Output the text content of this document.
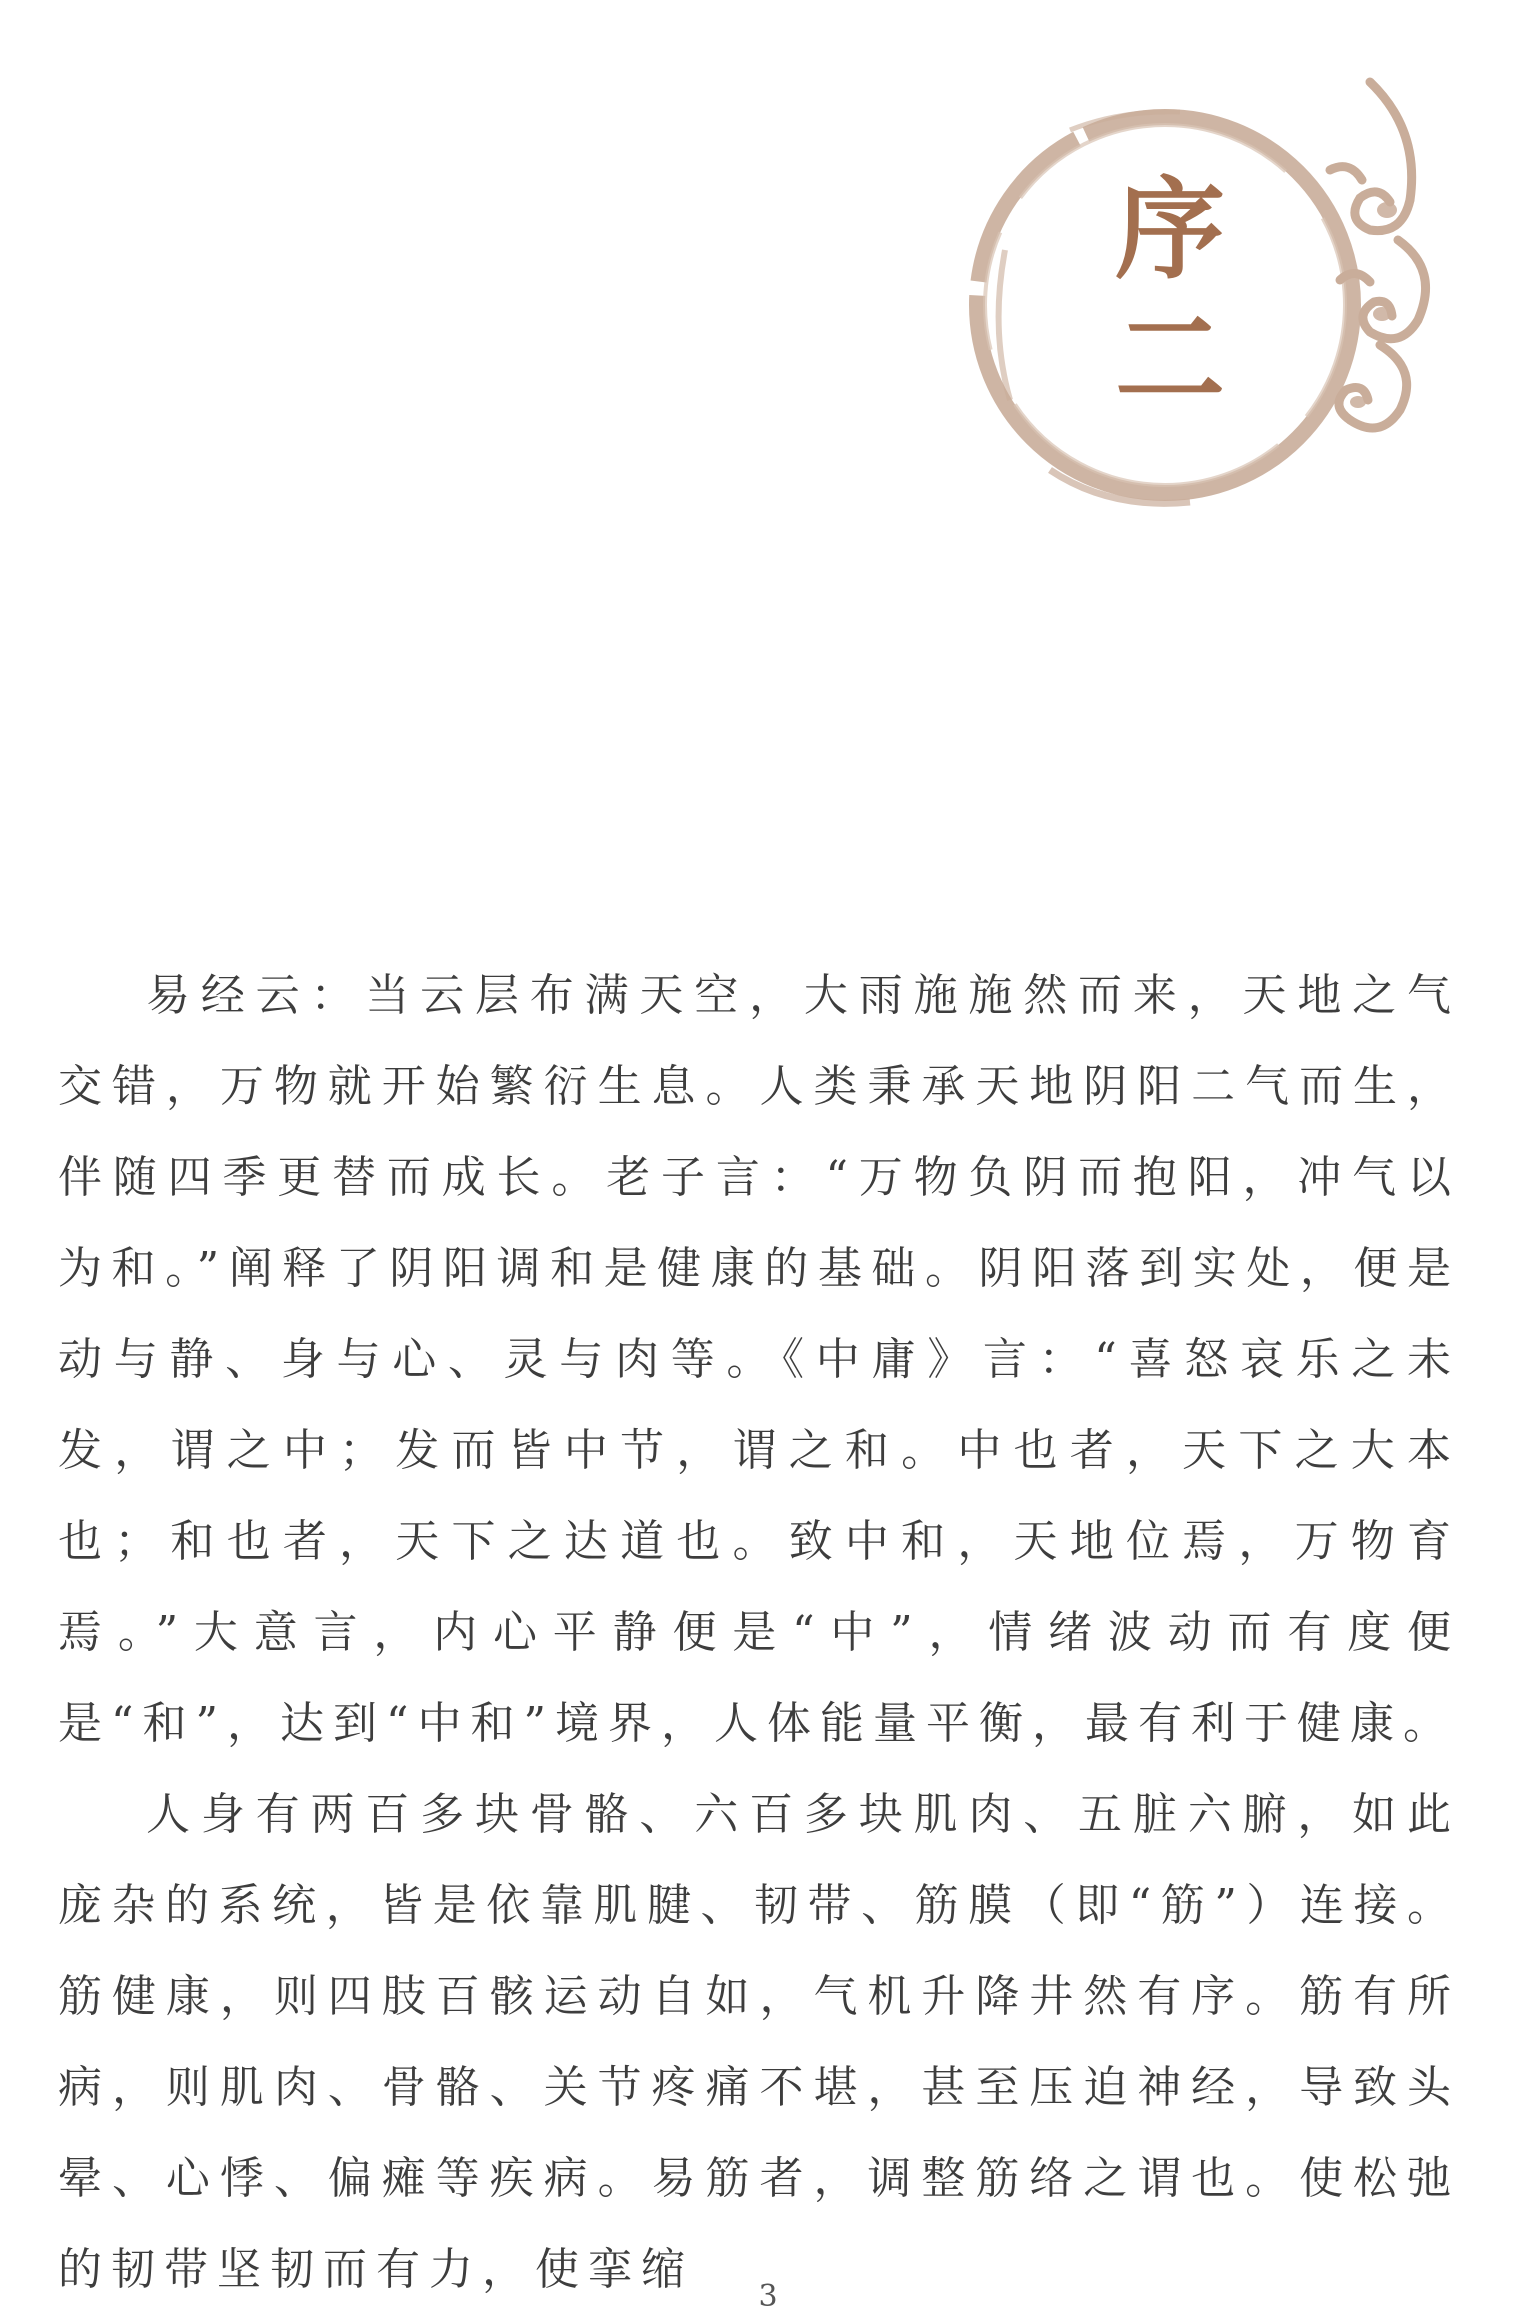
序
二

易经云：当云层布满天空，大雨施施然而来，天地之气交错，万物就开始繁衍生息。人类秉承天地阴阳二气而生，伴随四季更替而成长。老子言：“万物负阴而抱阳，冲气以为和。”阐释了阴阳调和是健康的基础。阴阳落到实处，便是动与静、身与心、灵与肉等。《中庸》言：“喜怒哀乐之未发，谓之中；发而皆中节，谓之和。中也者，天下之大本也；和也者，天下之达道也。致中和，天地位焉，万物育焉。”大意言，内心平静便是“中”，情绪波动而有度便是“和”，达到“中和”境界，人体能量平衡，最有利于健康。

人身有两百多块骨骼、六百多块肌肉、五脏六腑，如此庞杂的系统，皆是依靠肌腱、韧带、筋膜（即“筋”）连接。筋健康，则四肢百骸运动自如，气机升降井然有序。筋有所病，则肌肉、骨骼、关节疼痛不堪，甚至压迫神经，导致头晕、心悸、偏瘫等疾病。易筋者，调整筋络之谓也。使松弛的韧带坚韧而有力，使挛缩

3
